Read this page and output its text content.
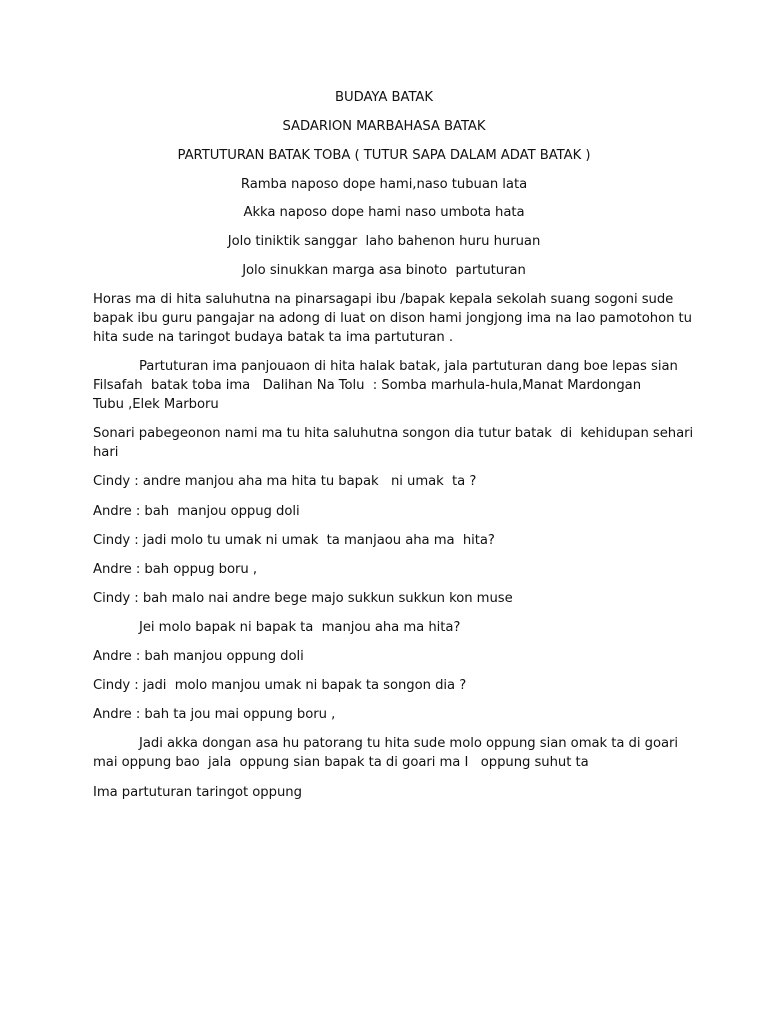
BUDAYA BATAK

SADARION MARBAHASA BATAK

PARTUTURAN BATAK TOBA ( TUTUR SAPA DALAM ADAT BATAK )

Ramba naposo dope hami,naso tubuan lata

Akka naposo dope hami naso umbota hata

Jolo tiniktik sanggar  laho bahenon huru huruan

Jolo sinukkan marga asa binoto  partuturan

Horas ma di hita saluhutna na pinarsagapi ibu /bapak kepala sekolah suang sogoni sude

bapak ibu guru pangajar na adong di luat on dison hami jongjong ima na lao pamotohon tu

hita sude na taringot budaya batak ta ima partuturan .

Partuturan ima panjouaon di hita halak batak, jala partuturan dang boe lepas sian

Filsafah  batak toba ima   Dalihan Na Tolu  : Somba marhula-hula,Manat Mardongan

Tubu ,Elek Marboru

Sonari pabegeonon nami ma tu hita saluhutna songon dia tutur batak  di  kehidupan sehari

hari

Cindy : andre manjou aha ma hita tu bapak   ni umak  ta ?

Andre : bah  manjou oppug doli

Cindy : jadi molo tu umak ni umak  ta manjaou aha ma  hita?

Andre : bah oppug boru ,

Cindy : bah malo nai andre bege majo sukkun sukkun kon muse

Jei molo bapak ni bapak ta  manjou aha ma hita?

Andre : bah manjou oppung doli

Cindy : jadi  molo manjou umak ni bapak ta songon dia ?

Andre : bah ta jou mai oppung boru ,

Jadi akka dongan asa hu patorang tu hita sude molo oppung sian omak ta di goari

mai oppung bao  jala  oppung sian bapak ta di goari ma I   oppung suhut ta

Ima partuturan taringot oppung
